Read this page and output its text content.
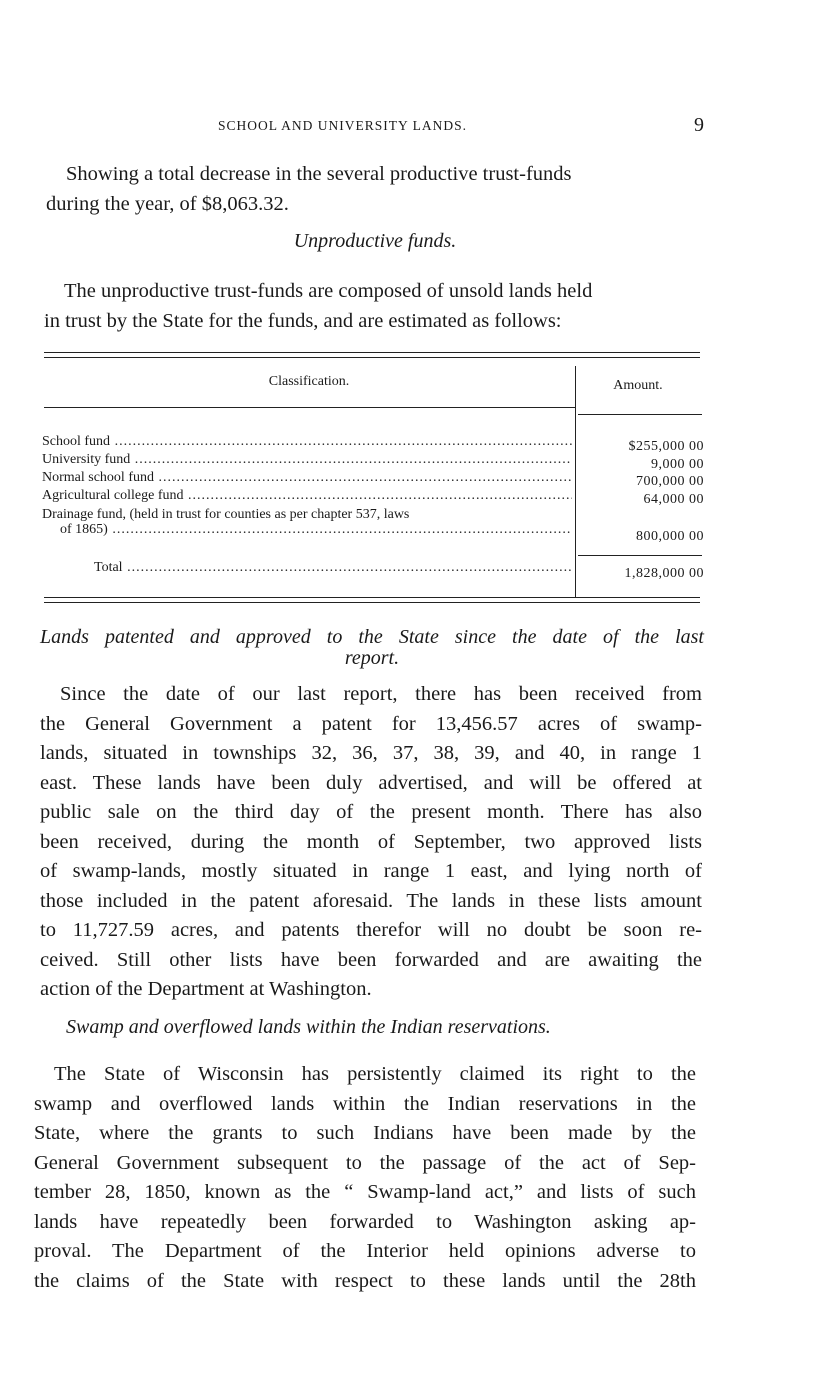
SCHOOL AND UNIVERSITY LANDS.	9
Showing a total decrease in the several productive trust-funds
during the year, of $8,063.32.
Unproductive funds.
The unproductive trust-funds are composed of unsold lands held
in trust by the State for the funds, and are estimated as follows:
Classification.	Amount.
School fund .....	$255,000 00
University fund .....	9,000 00
Normal school fund .....	700,000 00
Agricultural college fund .....	64,000 00
Drainage fund, (held in trust for counties as per chapter 537, laws
of 1865) .....	800,000 00
Total .....	1,828,000 00
Lands patented and approved to the State since the date of the last
report.
Since the date of our last report, there has been received from
the General Government a patent for 13,456.57 acres of swamp-
lands, situated in townships 32, 36, 37, 38, 39, and 40, in range 1
east. These lands have been duly advertised, and will be offered at
public sale on the third day of the present month. There has also
been received, during the month of September, two approved lists
of swamp-lands, mostly situated in range 1 east, and lying north of
those included in the patent aforesaid. The lands in these lists amount
to 11,727.59 acres, and patents therefor will no doubt be soon re-
ceived. Still other lists have been forwarded and are awaiting the
action of the Department at Washington.
Swamp and overflowed lands within the Indian reservations.
The State of Wisconsin has persistently claimed its right to the
swamp and overflowed lands within the Indian reservations in the
State, where the grants to such Indians have been made by the
General Government subsequent to the passage of the act of Sep-
tember 28, 1850, known as the “ Swamp-land act,” and lists of such
lands have repeatedly been forwarded to Washington asking ap-
proval. The Department of the Interior held opinions adverse to
the claims of the State with respect to these lands until the 28th
